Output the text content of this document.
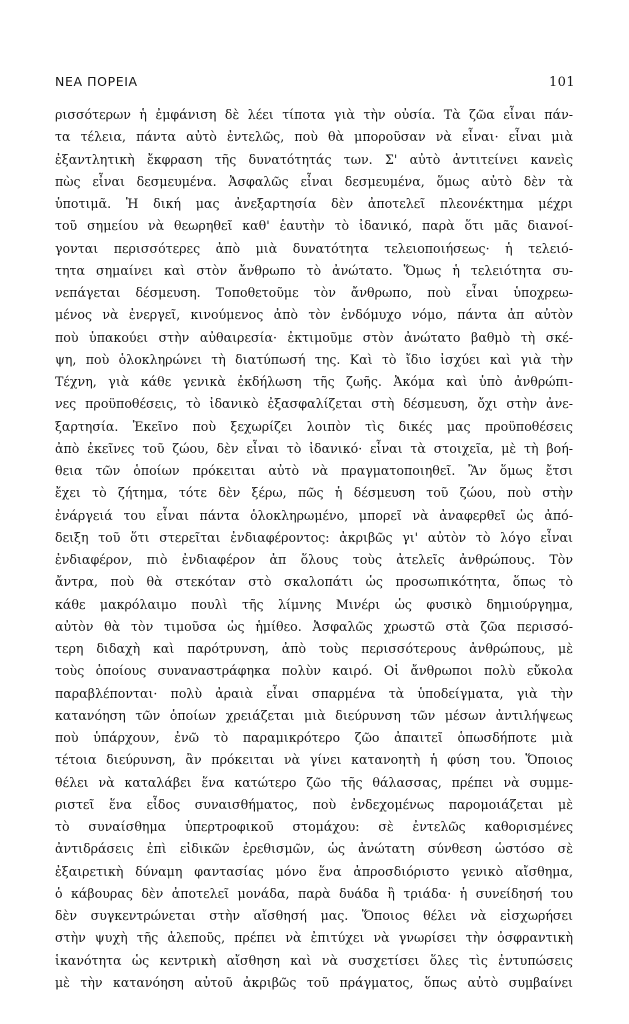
ΝΕΑ ΠΟΡΕΙΑ	101
ρισσότερων ἡ ἐμφάνιση δὲ λέει τίποτα γιὰ τὴν οὐσία. Τὰ ζῶα εἶναι πάν-
τα τέλεια, πάντα αὐτὸ ἐντελῶς, ποὺ θὰ μποροῦσαν νὰ εἶναι· εἶναι μιὰ
ἐξαντλητικὴ ἔκφραση τῆς δυνατότητάς των. Σ' αὐτὸ ἀντιτείνει κανεὶς
πὼς εἶναι δεσμευμένα. Ἀσφαλῶς εἶναι δεσμευμένα, ὅμως αὐτὸ δὲν τὰ
ὑποτιμᾶ. Ἡ δική μας ἀνεξαρτησία δὲν ἀποτελεῖ πλεονέκτημα μέχρι
τοῦ σημείου νὰ θεωρηθεῖ καθ' ἑαυτὴν τὸ ἰδανικό, παρὰ ὅτι μᾶς διανοί-
γονται περισσότερες ἀπὸ μιὰ δυνατότητα τελειοποιήσεως· ἡ τελειό-
τητα σημαίνει καὶ στὸν ἄνθρωπο τὸ ἀνώτατο. Ὅμως ἡ τελειότητα συ-
νεπάγεται δέσμευση. Τοποθετοῦμε τὸν ἄνθρωπο, ποὺ εἶναι ὑποχρεω-
μένος νὰ ἐνεργεῖ, κινούμενος ἀπὸ τὸν ἐνδόμυχο νόμο, πάντα ἀπ αὐτὸν
ποὺ ὑπακούει στὴν αὐθαιρεσία· ἐκτιμοῦμε στὸν ἀνώτατο βαθμὸ τὴ σκέ-
ψη, ποὺ ὁλοκληρώνει τὴ διατύπωσή της. Καὶ τὸ ἴδιο ἰσχύει καὶ γιὰ τὴν
Τέχνη, γιὰ κάθε γενικὰ ἐκδήλωση τῆς ζωῆς. Ἀκόμα καὶ ὑπὸ ἀνθρώπι-
νες προϋποθέσεις, τὸ ἰδανικὸ ἐξασφαλίζεται στὴ δέσμευση, ὄχι στὴν ἀνε-
ξαρτησία. Ἐκεῖνο ποὺ ξεχωρίζει λοιπὸν τὶς δικές μας προϋποθέσεις
ἀπὸ ἐκεῖνες τοῦ ζώου, δὲν εἶναι τὸ ἰδανικό· εἶναι τὰ στοιχεῖα, μὲ τὴ βοή-
θεια τῶν ὁποίων πρόκειται αὐτὸ νὰ πραγματοποιηθεῖ. Ἂν ὅμως ἔτσι
ἔχει τὸ ζήτημα, τότε δὲν ξέρω, πῶς ἡ δέσμευση τοῦ ζώου, ποὺ στὴν
ἐνάργειά του εἶναι πάντα ὁλοκληρωμένο, μπορεῖ νὰ ἀναφερθεῖ ὡς ἀπό-
δειξη τοῦ ὅτι στερεῖται ἐνδιαφέροντος: ἀκριβῶς γι' αὐτὸν τὸ λόγο εἶναι
ἐνδιαφέρον, πιὸ ἐνδιαφέρον ἀπ ὅλους τοὺς ἀτελεῖς ἀνθρώπους. Τὸν
ἄντρα, ποὺ θὰ στεκόταν στὸ σκαλοπάτι ὡς προσωπικότητα, ὅπως τὸ
κάθε μακρόλαιμο πουλὶ τῆς λίμνης Μινέρι ὡς φυσικὸ δημιούργημα,
αὐτὸν θὰ τὸν τιμοῦσα ὡς ἡμίθεο. Ἀσφαλῶς χρωστῶ στὰ ζῶα περισσό-
τερη διδαχὴ καὶ παρότρυνση, ἀπὸ τοὺς περισσότερους ἀνθρώπους, μὲ
τοὺς ὁποίους συναναστράφηκα πολὺν καιρό. Οἱ ἄνθρωποι πολὺ εὔκολα
παραβλέπονται· πολὺ ἀραιὰ εἶναι σπαρμένα τὰ ὑποδείγματα, γιὰ τὴν
κατανόηση τῶν ὁποίων χρειάζεται μιὰ διεύρυνση τῶν μέσων ἀντιλήψεως
ποὺ ὑπάρχουν, ἐνῶ τὸ παραμικρότερο ζῶο ἀπαιτεῖ ὁπωσδήποτε μιὰ
τέτοια διεύρυνση, ἂν πρόκειται νὰ γίνει κατανοητὴ ἡ φύση του. Ὅποιος
θέλει νὰ καταλάβει ἕνα κατώτερο ζῶο τῆς θάλασσας, πρέπει νὰ συμμε-
ριστεῖ ἕνα εἶδος συναισθήματος, ποὺ ἐνδεχομένως παρομοιάζεται μὲ
τὸ συναίσθημα ὑπερτροφικοῦ στομάχου: σὲ ἐντελῶς καθορισμένες
ἀντιδράσεις ἐπὶ εἰδικῶν ἐρεθισμῶν, ὡς ἀνώτατη σύνθεση ὡστόσο σὲ
ἐξαιρετικὴ δύναμη φαντασίας μόνο ἕνα ἀπροσδιόριστο γενικὸ αἴσθημα,
ὁ κάβουρας δὲν ἀποτελεῖ μονάδα, παρὰ δυάδα ἢ τριάδα· ἡ συνείδησή του
δὲν συγκεντρώνεται στὴν αἴσθησή μας. Ὅποιος θέλει νὰ εἰσχωρήσει
στὴν ψυχὴ τῆς ἀλεποῦς, πρέπει νὰ ἐπιτύχει νὰ γνωρίσει τὴν ὀσφραντικὴ
ἱκανότητα ὡς κεντρικὴ αἴσθηση καὶ νὰ συσχετίσει ὅλες τὶς ἐντυπώσεις
μὲ τὴν κατανόηση αὐτοῦ ἀκριβῶς τοῦ πράγματος, ὅπως αὐτὸ συμβαίνει
